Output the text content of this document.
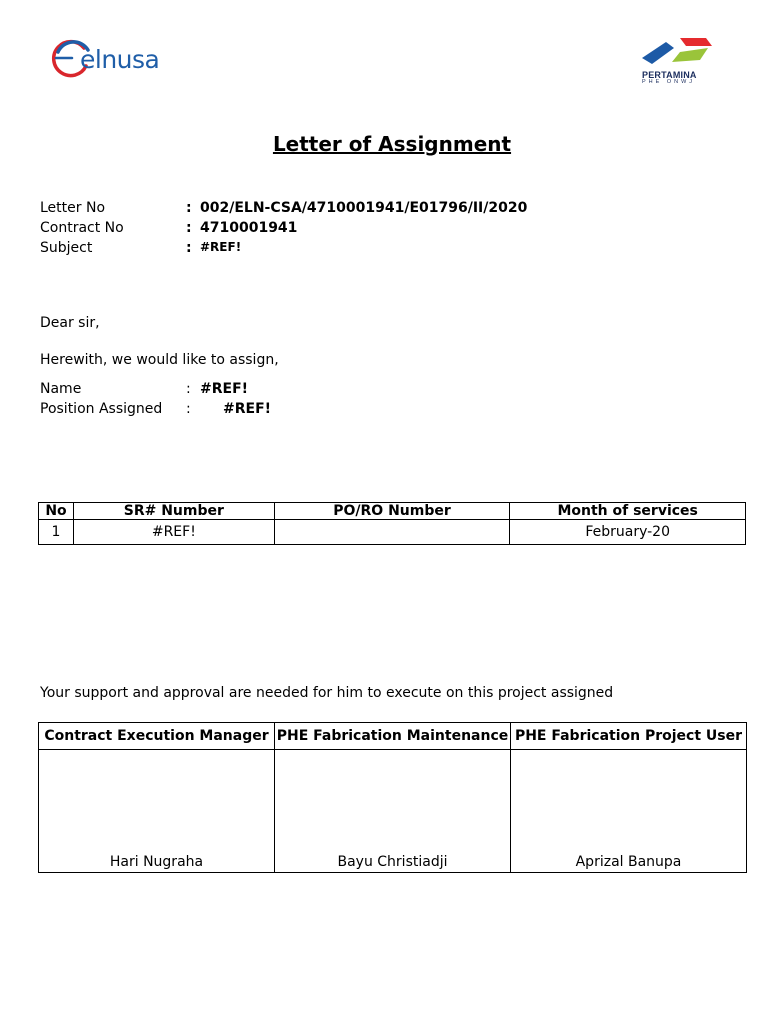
elnusa
PERTAMINA
PHE ONWJ
Letter of Assignment
Letter No	: 002/ELN-CSA/4710001941/E01796/II/2020
Contract No	: 4710001941
Subject	: #REF!
Dear sir,
Herewith, we would like to assign,
Name	: #REF!
Position Assigned : #REF!
No	SR# Number	PO/RO Number	Month of services
1	#REF!		February-20
Your support and approval are needed for him to execute on this project assigned
Contract Execution Manager	PHE Fabrication Maintenance	PHE Fabrication Project User
Hari Nugraha	Bayu Christiadji	Aprizal Banupa
